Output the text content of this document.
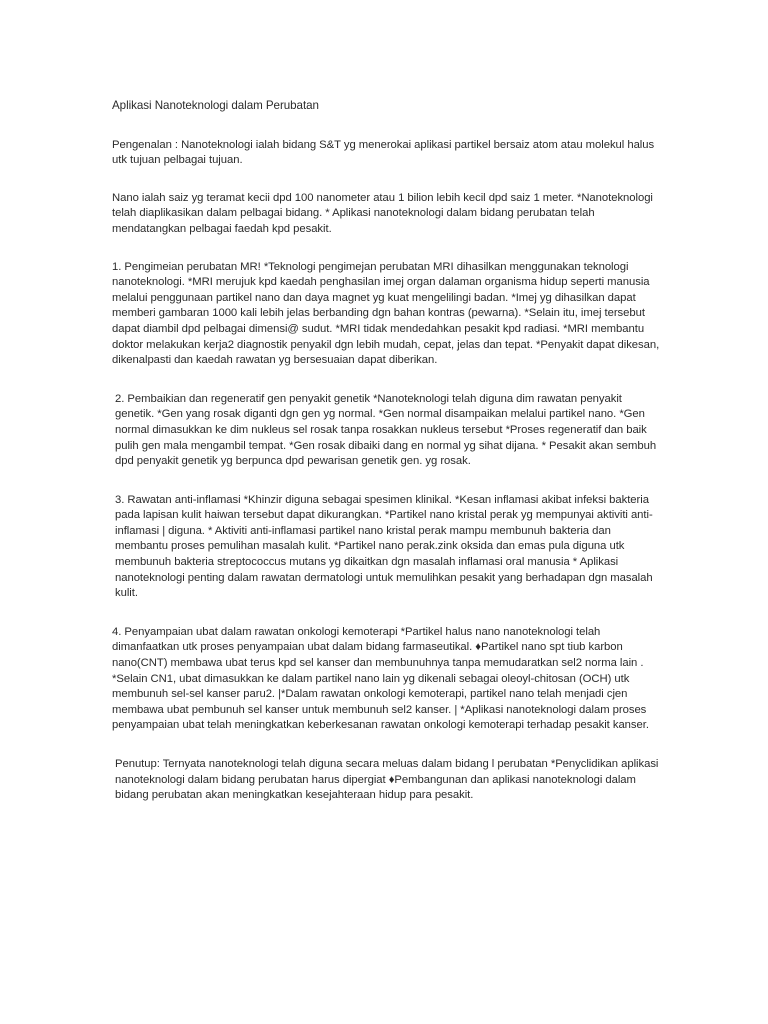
Aplikasi Nanoteknologi dalam Perubatan

Pengenalan : Nanoteknologi ialah bidang S&T yg menerokai aplikasi partikel bersaiz atom atau molekul halus utk tujuan pelbagai tujuan.

Nano ialah saiz yg teramat kecii dpd 100 nanometer atau 1 bilion lebih kecil dpd saiz 1 meter. *Nanoteknologi telah diaplikasikan dalam pelbagai bidang. * Aplikasi nanoteknologi dalam bidang perubatan telah mendatangkan pelbagai faedah kpd pesakit.

1. Pengimeian perubatan MR! *Teknologi pengimejan perubatan MRI dihasilkan menggunakan teknologi nanoteknologi. *MRI merujuk kpd kaedah penghasilan imej organ dalaman organisma hidup seperti manusia melalui penggunaan partikel nano dan daya magnet yg kuat mengelilingi badan. *Imej yg dihasilkan dapat memberi gambaran 1000 kali lebih jelas berbanding dgn bahan kontras (pewarna). *Selain itu, imej tersebut dapat diambil dpd pelbagai dimensi@ sudut. *MRI tidak mendedahkan pesakit kpd radiasi. *MRI membantu doktor melakukan kerja2 diagnostik penyakil dgn lebih mudah, cepat, jelas dan tepat. *Penyakit dapat dikesan, dikenalpasti dan kaedah rawatan yg bersesuaian dapat diberikan.

2. Pembaikian dan regeneratif gen penyakit genetik *Nanoteknologi telah diguna dim rawatan penyakit genetik. *Gen yang rosak diganti dgn gen yg normal. *Gen normal disampaikan melalui partikel nano. *Gen normal dimasukkan ke dim nukleus sel rosak tanpa rosakkan nukleus tersebut *Proses regeneratif dan baik pulih gen mala mengambil tempat. *Gen rosak dibaiki dang en normal yg sihat dijana. * Pesakit akan sembuh dpd penyakit genetik yg berpunca dpd pewarisan genetik gen. yg rosak.

3. Rawatan anti-inflamasi *Khinzir diguna sebagai spesimen klinikal. *Kesan inflamasi akibat infeksi bakteria pada lapisan kulit haiwan tersebut dapat dikurangkan. *Partikel nano kristal perak yg mempunyai aktiviti anti-inflamasi | diguna. * Aktiviti anti-inflamasi partikel nano kristal perak mampu membunuh bakteria dan membantu proses pemulihan masalah kulit. *Partikel nano perak.zink oksida dan emas pula diguna utk membunuh bakteria streptococcus mutans yg dikaitkan dgn masalah inflamasi oral manusia * Aplikasi nanoteknologi penting dalam rawatan dermatologi untuk memulihkan pesakit yang berhadapan dgn masalah kulit.

4. Penyampaian ubat dalam rawatan onkologi kemoterapi *Partikel halus nano nanoteknologi telah dimanfaatkan utk proses penyampaian ubat dalam bidang farmaseutikal. ♦Partikel nano spt tiub karbon nano(CNT) membawa ubat terus kpd sel kanser dan membunuhnya tanpa memudaratkan sel2 norma lain . *Selain CN1, ubat dimasukkan ke dalam partikel nano lain yg dikenali sebagai oleoyl-chitosan (OCH) utk membunuh sel-sel kanser paru2. |*Dalam rawatan onkologi kemoterapi, partikel nano telah menjadi cjen membawa ubat pembunuh sel kanser untuk membunuh sel2 kanser. | *Aplikasi nanoteknologi dalam proses penyampaian ubat telah meningkatkan keberkesanan rawatan onkologi kemoterapi terhadap pesakit kanser.

Penutup: Ternyata nanoteknologi telah diguna secara meluas dalam bidang l perubatan *Penyclidikan aplikasi nanoteknologi dalam bidang perubatan harus dipergiat ♦Pembangunan dan aplikasi nanoteknologi dalam bidang perubatan akan meningkatkan kesejahteraan hidup para pesakit.
